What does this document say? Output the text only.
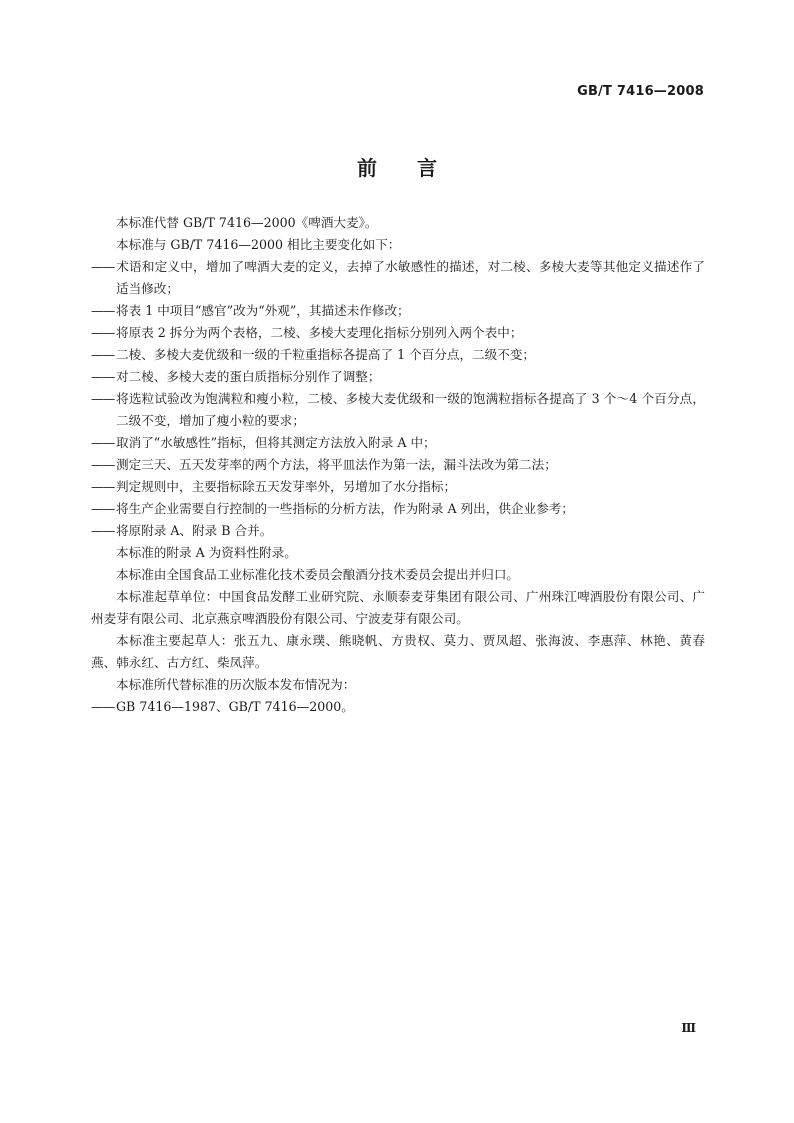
GB/T 7416—2008
前言

本标准代替 GB/T 7416—2000《啤酒大麦》。

本标准与 GB/T 7416—2000 相比主要变化如下：

—— 术语和定义中，增加了啤酒大麦的定义，去掉了水敏感性的描述，对二棱、多棱大麦等其他定义描述作了适当修改；

—— 将表 1 中项目“感官”改为“外观”，其描述未作修改；

—— 将原表 2 拆分为两个表格，二棱、多棱大麦理化指标分别列入两个表中；

—— 二棱、多棱大麦优级和一级的千粒重指标各提高了 1 个百分点，二级不变；

—— 对二棱、多棱大麦的蛋白质指标分别作了调整；

—— 将选粒试验改为饱满粒和瘦小粒，二棱、多棱大麦优级和一级的饱满粒指标各提高了 3 个～4 个百分点，二级不变，增加了瘦小粒的要求；

—— 取消了“水敏感性”指标，但将其测定方法放入附录 A 中；

—— 测定三天、五天发芽率的两个方法，将平皿法作为第一法，漏斗法改为第二法；

—— 判定规则中，主要指标除五天发芽率外，另增加了水分指标；

—— 将生产企业需要自行控制的一些指标的分析方法，作为附录 A 列出，供企业参考；

—— 将原附录 A、附录 B 合并。

本标准的附录 A 为资料性附录。

本标准由全国食品工业标准化技术委员会酿酒分技术委员会提出并归口。

本标准起草单位：中国食品发酵工业研究院、永顺泰麦芽集团有限公司、广州珠江啤酒股份有限公司、广州麦芽有限公司、北京燕京啤酒股份有限公司、宁波麦芽有限公司。

本标准主要起草人：张五九、康永璞、熊晓帆、方贵权、莫力、贾凤超、张海波、李惠萍、林艳、黄春燕、韩永红、古方红、柴凤萍。

本标准所代替标准的历次版本发布情况为：

—— GB 7416—1987、GB/T 7416—2000。

Ⅲ
